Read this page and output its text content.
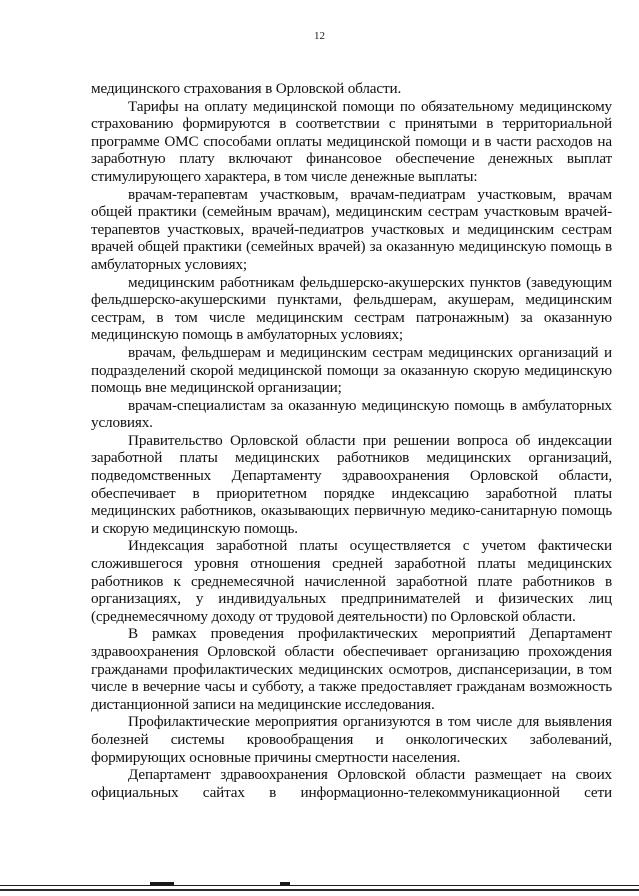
12

медицинского страхования в Орловской области.

Тарифы на оплату медицинской помощи по обязательному медицинскому страхованию формируются в соответствии с принятыми в территориальной программе ОМС способами оплаты медицинской помощи и в части расходов на заработную плату включают финансовое обеспечение денежных выплат стимулирующего характера, в том числе денежные выплаты:

врачам-терапевтам участковым, врачам-педиатрам участковым, врачам общей практики (семейным врачам), медицинским сестрам участковым врачей-терапевтов участковых, врачей-педиатров участковых и медицинским сестрам врачей общей практики (семейных врачей) за оказанную медицинскую помощь в амбулаторных условиях;

медицинским работникам фельдшерско-акушерских пунктов (заведующим фельдшерско-акушерскими пунктами, фельдшерам, акушерам, медицинским сестрам, в том числе медицинским сестрам патронажным) за оказанную медицинскую помощь в амбулаторных условиях;

врачам, фельдшерам и медицинским сестрам медицинских организаций и подразделений скорой медицинской помощи за оказанную скорую медицинскую помощь вне медицинской организации;

врачам-специалистам за оказанную медицинскую помощь в амбулаторных условиях.

Правительство Орловской области при решении вопроса об индексации заработной платы медицинских работников медицинских организаций, подведомственных Департаменту здравоохранения Орловской области, обеспечивает в приоритетном порядке индексацию заработной платы медицинских работников, оказывающих первичную медико-санитарную помощь и скорую медицинскую помощь.

Индексация заработной платы осуществляется с учетом фактически сложившегося уровня отношения средней заработной платы медицинских работников к среднемесячной начисленной заработной плате работников в организациях, у индивидуальных предпринимателей и физических лиц (среднемесячному доходу от трудовой деятельности) по Орловской области.

В рамках проведения профилактических мероприятий Департамент здравоохранения Орловской области обеспечивает организацию прохождения гражданами профилактических медицинских осмотров, диспансеризации, в том числе в вечерние часы и субботу, а также предоставляет гражданам возможность дистанционной записи на медицинские исследования.

Профилактические мероприятия организуются в том числе для выявления болезней системы кровообращения и онкологических заболеваний, формирующих основные причины смертности населения.

Департамент здравоохранения Орловской области размещает на своих официальных сайтах в информационно-телекоммуникационной сети
